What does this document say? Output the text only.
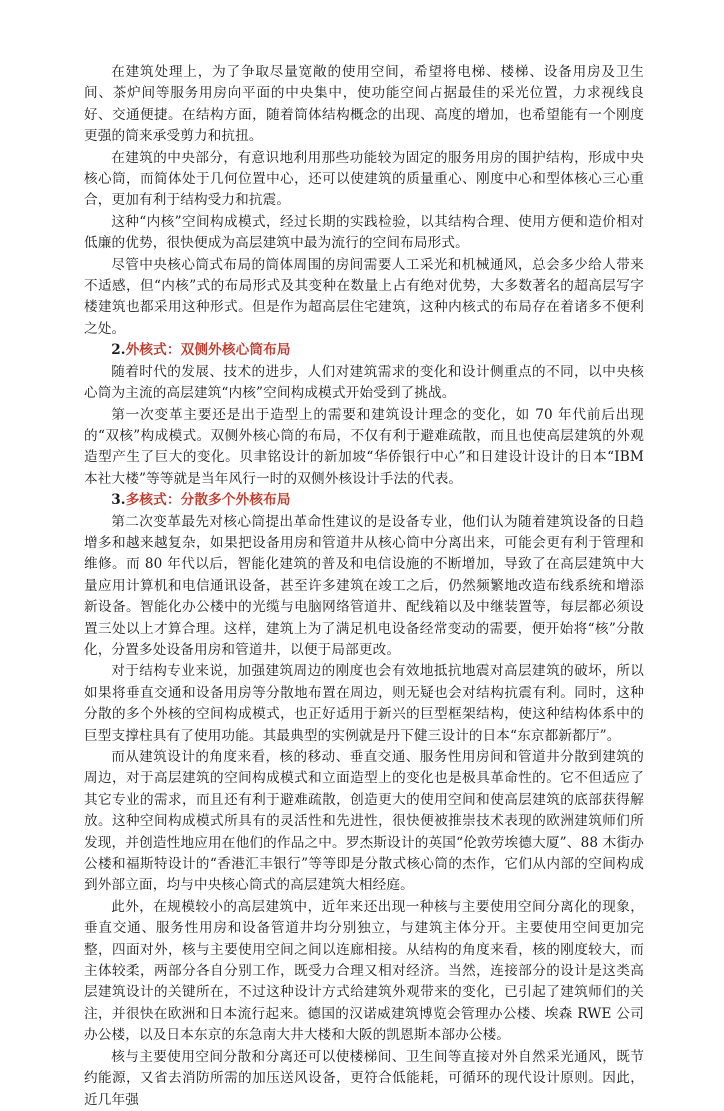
在建筑处理上，为了争取尽量宽敞的使用空间，希望将电梯、楼梯、设备用房及卫生间、茶炉间等服务用房向平面的中央集中，使功能空间占据最佳的采光位置，力求视线良好、交通便捷。在结构方面，随着筒体结构概念的出现、高度的增加，也希望能有一个刚度更强的筒来承受剪力和抗扭。

在建筑的中央部分，有意识地利用那些功能较为固定的服务用房的围护结构，形成中央核心筒，而简体处于几何位置中心，还可以使建筑的质量重心、刚度中心和型体核心三心重合，更加有利于结构受力和抗震。

这种“内核”空间构成模式，经过长期的实践检验，以其结构合理、使用方便和造价相对低廉的优势，很快便成为高层建筑中最为流行的空间布局形式。

尽管中央核心筒式布局的筒体周围的房间需要人工采光和机械通风，总会多少给人带来不适感，但“内核”式的布局形式及其变种在数量上占有绝对优势，大多数著名的超高层写字楼建筑也都采用这种形式。但是作为超高层住宅建筑，这种内核式的布局存在着诸多不便利之处。

2.外核式：双侧外核心筒布局

随着时代的发展、技术的进步，人们对建筑需求的变化和设计侧重点的不同，以中央核心筒为主流的高层建筑“内核”空间构成模式开始受到了挑战。

第一次变革主要还是出于造型上的需要和建筑设计理念的变化，如 70 年代前后出现的“双核”构成模式。双侧外核心筒的布局，不仅有利于避难疏散，而且也使高层建筑的外观造型产生了巨大的变化。贝聿铭设计的新加坡“华侨银行中心”和日建设计设计的日本“IBM 本社大楼”等等就是当年风行一时的双侧外核设计手法的代表。

3.多核式：分散多个外核布局

第二次变革最先对核心筒提出革命性建议的是设备专业，他们认为随着建筑设备的日趋增多和越来越复杂，如果把设备用房和管道井从核心筒中分离出来，可能会更有利于管理和维修。而 80 年代以后，智能化建筑的普及和电信设施的不断增加，导致了在高层建筑中大量应用计算机和电信通讯设备，甚至许多建筑在竣工之后，仍然频繁地改造布线系统和增添新设备。智能化办公楼中的光缆与电脑网络管道井、配线箱以及中继装置等，每层都必须设置三处以上才算合理。这样，建筑上为了满足机电设备经常变动的需要，便开始将“核”分散化，分置多处设备用房和管道井，以便于局部更改。

对于结构专业来说，加强建筑周边的刚度也会有效地抵抗地震对高层建筑的破坏，所以如果将垂直交通和设备用房等分散地布置在周边，则无疑也会对结构抗震有利。同时，这种分散的多个外核的空间构成模式，也正好适用于新兴的巨型框架结构，使这种结构体系中的巨型支撑柱具有了使用功能。其最典型的实例就是丹下健三设计的日本“东京都新都厅”。

而从建筑设计的角度来看，核的移动、垂直交通、服务性用房间和管道井分散到建筑的周边，对于高层建筑的空间构成模式和立面造型上的变化也是极具革命性的。它不但适应了其它专业的需求，而且还有利于避难疏散，创造更大的使用空间和使高层建筑的底部获得解放。这种空间构成模式所具有的灵活性和先进性，很快便被推崇技术表现的欧洲建筑师们所发现，并创造性地应用在他们的作品之中。罗杰斯设计的英国“伦敦劳埃德大厦”、88 木街办公楼和福斯特设计的“香港汇丰银行”等等即是分散式核心筒的杰作，它们从内部的空间构成到外部立面，均与中央核心筒式的高层建筑大相经庭。

此外，在规模较小的高层建筑中，近年来还出现一种核与主要使用空间分离化的现象，垂直交通、服务性用房和设备管道井均分别独立，与建筑主体分开。主要使用空间更加完整，四面对外，核与主要使用空间之间以连廊相接。从结构的角度来看，核的刚度较大，而主体较柔，两部分各自分别工作，既受力合理又相对经济。当然，连接部分的设计是这类高层建筑设计的关键所在，不过这种设计方式给建筑外观带来的变化，已引起了建筑师们的关注，并很快在欧洲和日本流行起来。德国的汉诺威建筑博览会管理办公楼、埃森 RWE 公司办公楼，以及日本东京的东急南大井大楼和大阪的凯恩斯本部办公楼。

核与主要使用空间分散和分离还可以使楼梯间、卫生间等直接对外自然采光通风，既节约能源，又省去消防所需的加压送风设备，更符合低能耗，可循环的现代设计原则。因此，近几年强
